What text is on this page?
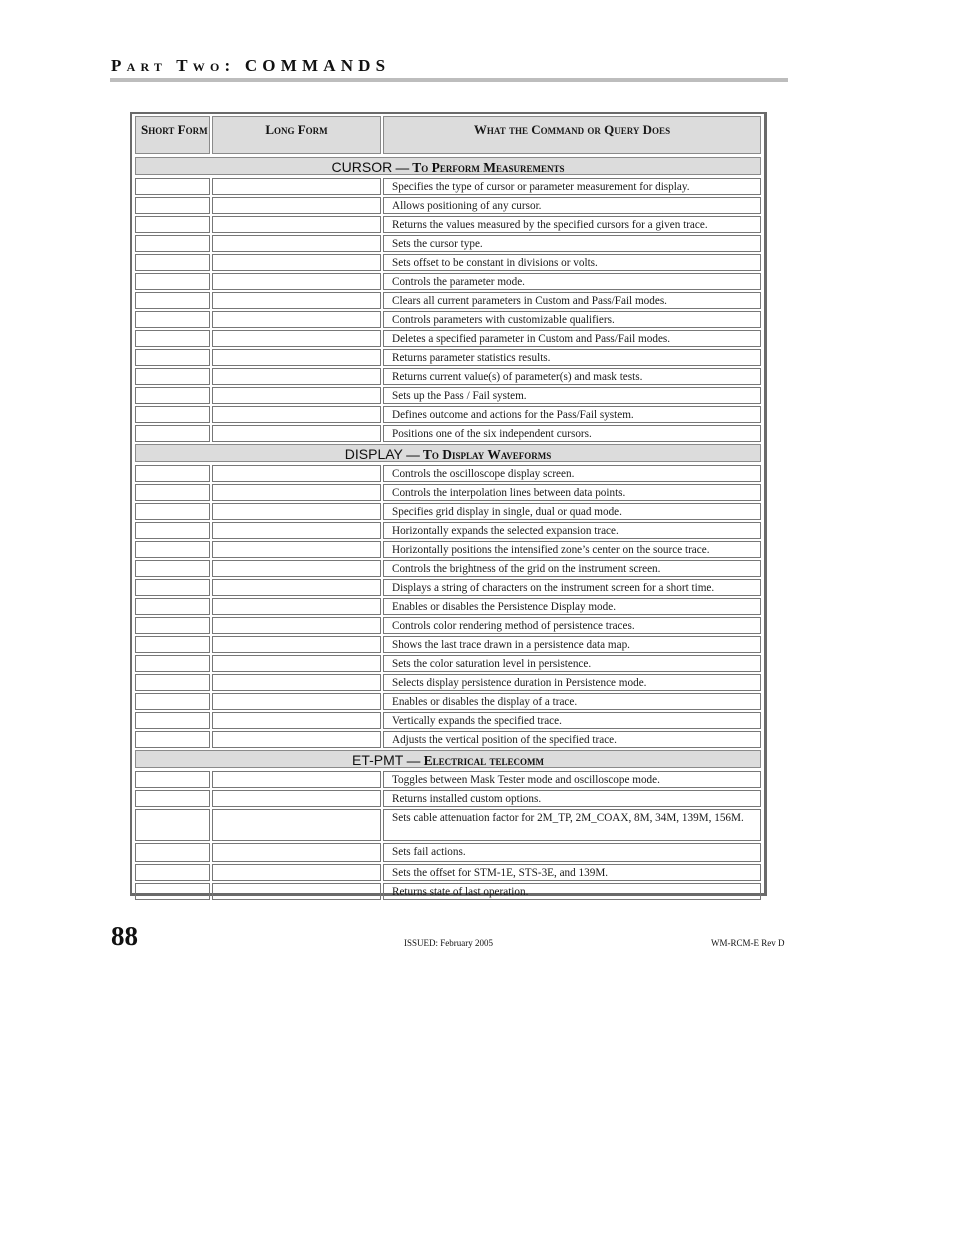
Part Two: COMMANDS
Short Form	Long Form	What the Command or Query Does
CURSOR — To Perform Measurements
Specifies the type of cursor or parameter measurement for display.
Allows positioning of any cursor.
Returns the values measured by the specified cursors for a given trace.
Sets the cursor type.
Sets offset to be constant in divisions or volts.
Controls the parameter mode.
Clears all current parameters in Custom and Pass/Fail modes.
Controls parameters with customizable qualifiers.
Deletes a specified parameter in Custom and Pass/Fail modes.
Returns parameter statistics results.
Returns current value(s) of parameter(s) and mask tests.
Sets up the Pass / Fail system.
Defines outcome and actions for the Pass/Fail system.
Positions one of the six independent cursors.
DISPLAY — To Display Waveforms
Controls the oscilloscope display screen.
Controls the interpolation lines between data points.
Specifies grid display in single, dual or quad mode.
Horizontally expands the selected expansion trace.
Horizontally positions the intensified zone’s center on the source trace.
Controls the brightness of the grid on the instrument screen.
Displays a string of characters on the instrument screen for a short time.
Enables or disables the Persistence Display mode.
Controls color rendering method of persistence traces.
Shows the last trace drawn in a persistence data map.
Sets the color saturation level in persistence.
Selects display persistence duration in Persistence mode.
Enables or disables the display of a trace.
Vertically expands the specified trace.
Adjusts the vertical position of the specified trace.
ET-PMT — Electrical telecomm
Toggles between Mask Tester mode and oscilloscope mode.
Returns installed custom options.
Sets cable attenuation factor for 2M_TP, 2M_COAX, 8M, 34M, 139M, 156M.
Sets fail actions.
Sets the offset for STM-1E, STS-3E, and 139M.
Returns state of last operation.
88	ISSUED: February 2005	WM-RCM-E Rev D
